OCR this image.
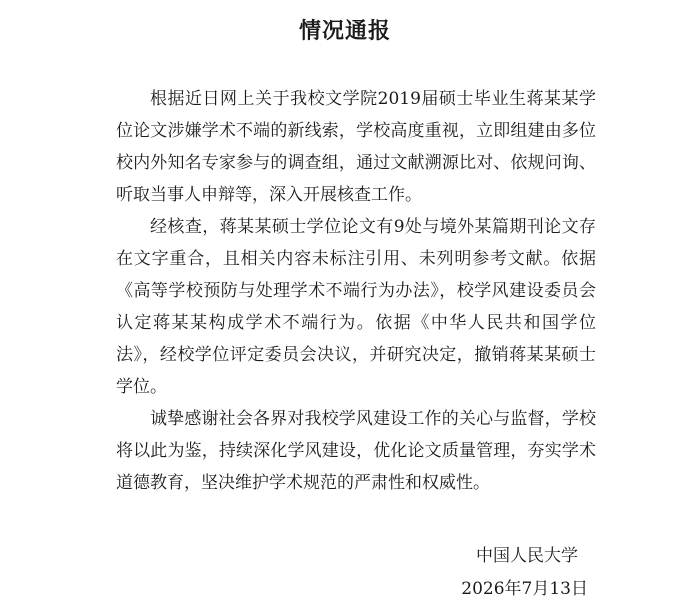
情况通报

根据近日网上关于我校文学院2019届硕士毕业生蒋某某学位论文涉嫌学术不端的新线索，学校高度重视，立即组建由多位校内外知名专家参与的调查组，通过文献溯源比对、依规问询、听取当事人申辩等，深入开展核查工作。

经核查，蒋某某硕士学位论文有9处与境外某篇期刊论文存在文字重合，且相关内容未标注引用、未列明参考文献。依据《高等学校预防与处理学术不端行为办法》，校学风建设委员会认定蒋某某构成学术不端行为。依据《中华人民共和国学位法》，经校学位评定委员会决议，并研究决定，撤销蒋某某硕士学位。

诚挚感谢社会各界对我校学风建设工作的关心与监督，学校将以此为鉴，持续深化学风建设，优化论文质量管理，夯实学术道德教育，坚决维护学术规范的严肃性和权威性。

中国人民大学
2026年7月13日
